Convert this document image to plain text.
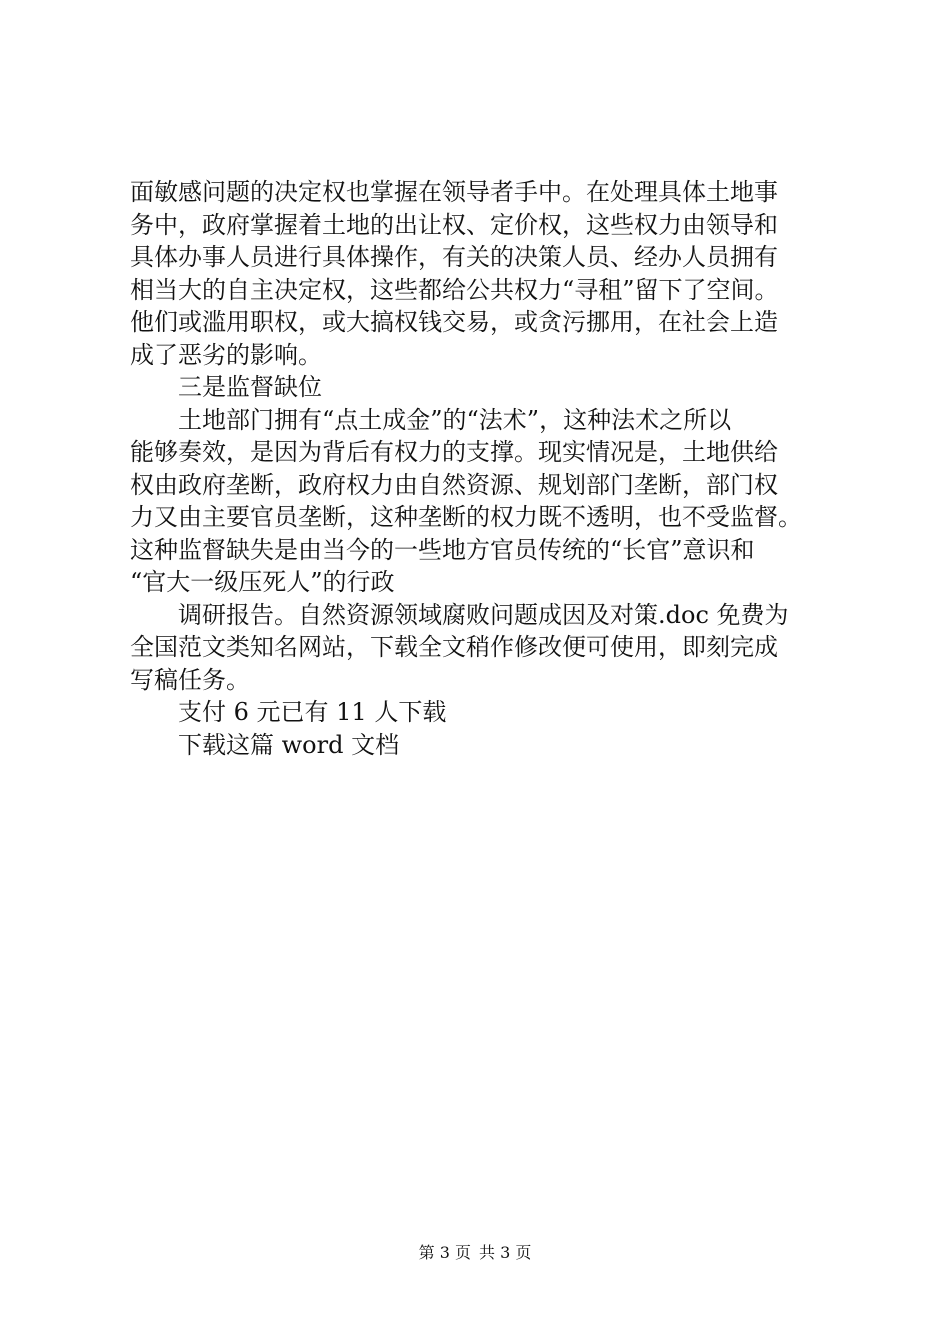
面敏感问题的决定权也掌握在领导者手中。在处理具体土地事
务中，政府掌握着土地的出让权、定价权，这些权力由领导和
具体办事人员进行具体操作，有关的决策人员、经办人员拥有
相当大的自主决定权，这些都给公共权力“寻租”留下了空间。
他们或滥用职权，或大搞权钱交易，或贪污挪用，在社会上造
成了恶劣的影响。
三是监督缺位
土地部门拥有“点土成金”的“法术”，这种法术之所以
能够奏效，是因为背后有权力的支撑。现实情况是，土地供给
权由政府垄断，政府权力由自然资源、规划部门垄断，部门权
力又由主要官员垄断，这种垄断的权力既不透明，也不受监督。
这种监督缺失是由当今的一些地方官员传统的“长官”意识和
“官大一级压死人”的行政
调研报告。自然资源领域腐败问题成因及对策.doc 免费为
全国范文类知名网站，下载全文稍作修改便可使用，即刻完成
写稿任务。
支付 6 元已有 11 人下载
下载这篇 word 文档
第 3 页 共 3 页
